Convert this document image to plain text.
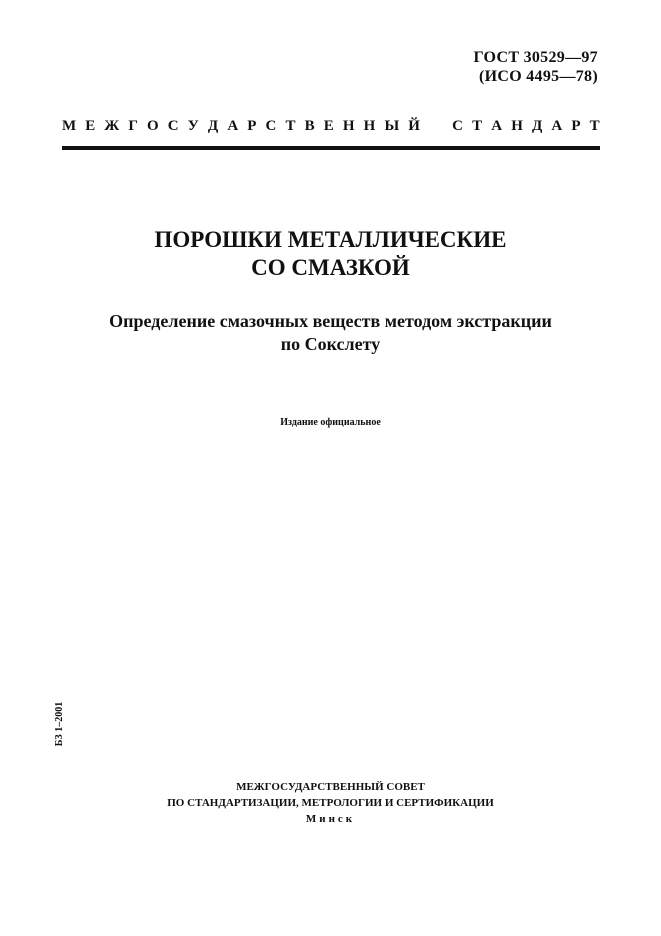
ГОСТ 30529—97
(ИСО 4495—78)
М Е Ж Г О С У Д А Р С Т В Е Н Н Ы Й С Т А Н Д А Р Т
ПОРОШКИ МЕТАЛЛИЧЕСКИЕ
СО СМАЗКОЙ
Определение смазочных веществ методом экстракции
по Сокслету
Издание официальное
БЗ 1–2001
МЕЖГОСУДАРСТВЕННЫЙ СОВЕТ
ПО СТАНДАРТИЗАЦИИ, МЕТРОЛОГИИ И СЕРТИФИКАЦИИ
Минск
